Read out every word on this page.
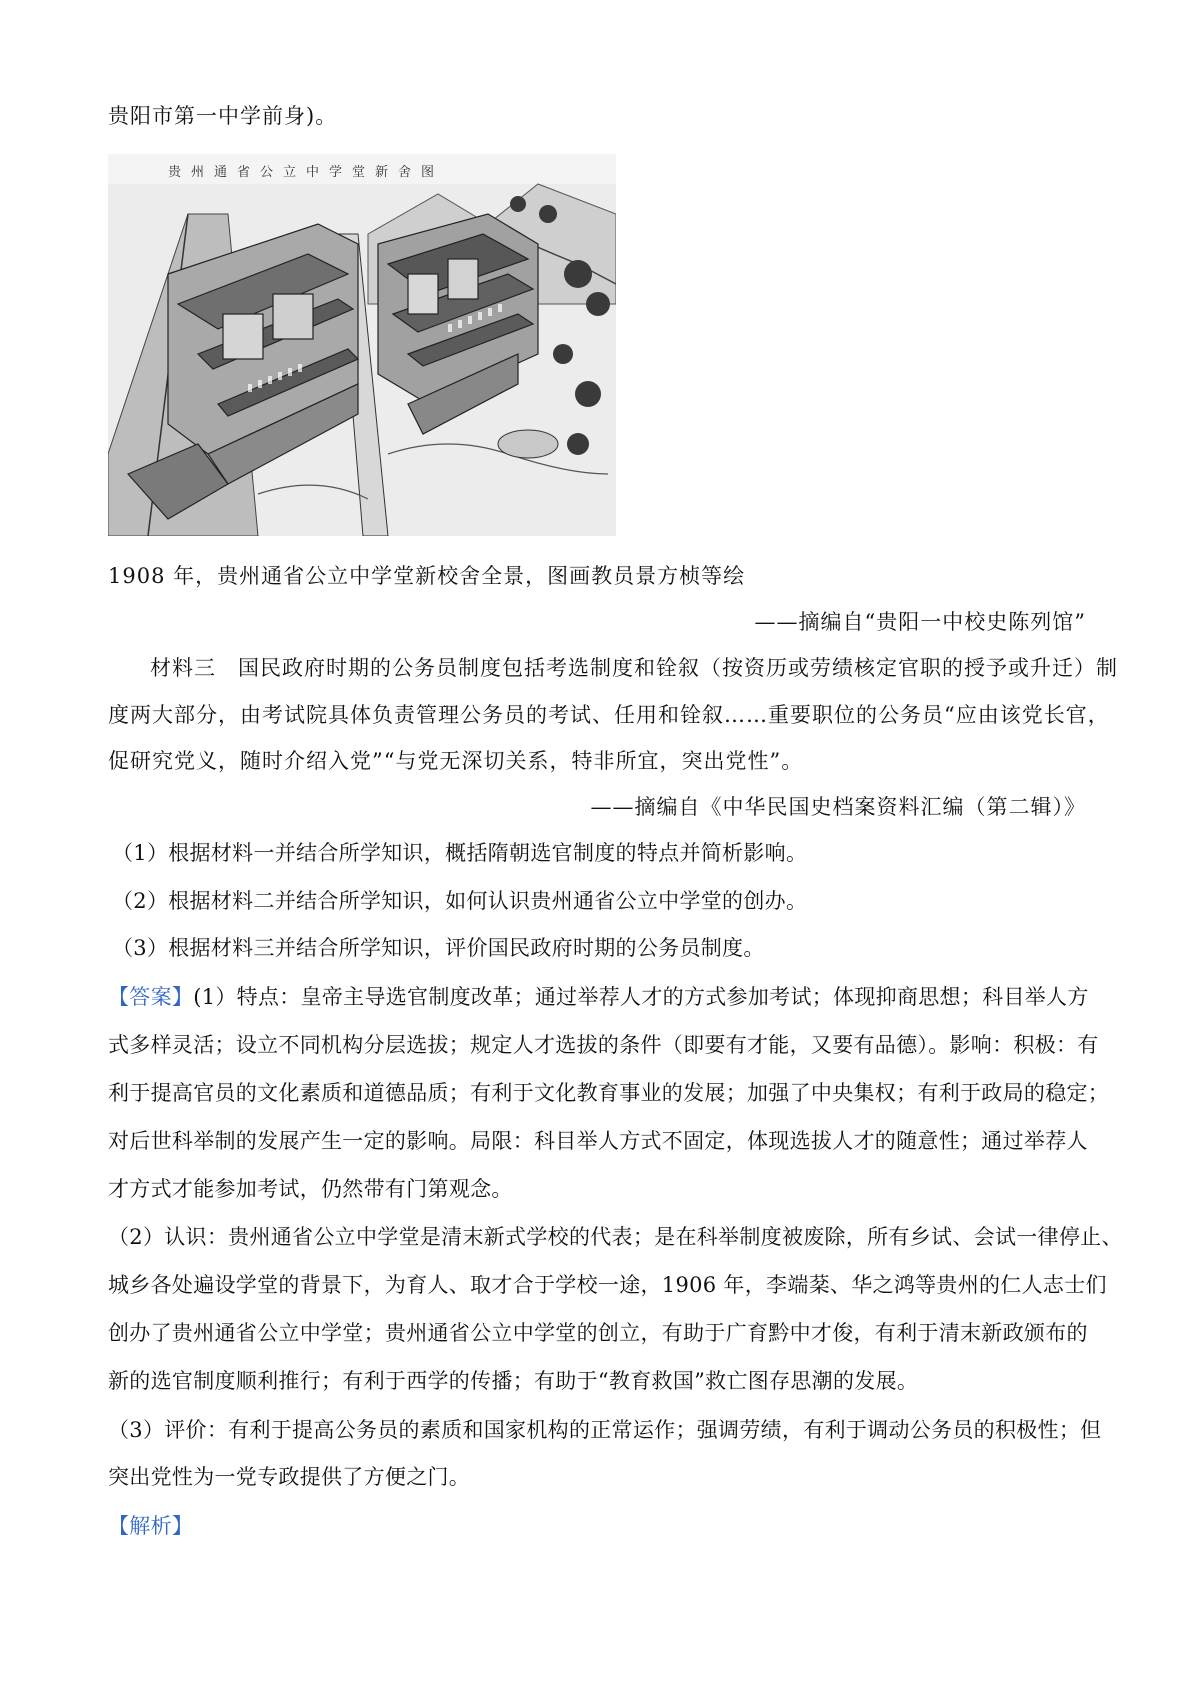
贵阳市第一中学前身)。
贵州通省公立中学堂新舍图
1908 年，贵州通省公立中学堂新校舍全景，图画教员景方桢等绘
——摘编自“贵阳一中校史陈列馆”
材料三　国民政府时期的公务员制度包括考选制度和铨叙（按资历或劳绩核定官职的授予或升迁）制
度两大部分，由考试院具体负责管理公务员的考试、任用和铨叙……重要职位的公务员“应由该党长官，
促研究党义，随时介绍入党”“与党无深切关系，特非所宜，突出党性”。
——摘编自《中华民国史档案资料汇编（第二辑）》
（1）根据材料一并结合所学知识，概括隋朝选官制度的特点并简析影响。
（2）根据材料二并结合所学知识，如何认识贵州通省公立中学堂的创办。
（3）根据材料三并结合所学知识，评价国民政府时期的公务员制度。
【答案】(1）特点：皇帝主导选官制度改革；通过举荐人才的方式参加考试；体现抑商思想；科目举人方
式多样灵活；设立不同机构分层选拔；规定人才选拔的条件（即要有才能，又要有品德）。影响：积极：有
利于提高官员的文化素质和道德品质；有利于文化教育事业的发展；加强了中央集权；有利于政局的稳定；
对后世科举制的发展产生一定的影响。局限：科目举人方式不固定，体现选拔人才的随意性；通过举荐人
才方式才能参加考试，仍然带有门第观念。
（2）认识：贵州通省公立中学堂是清末新式学校的代表；是在科举制度被废除，所有乡试、会试一律停止、
城乡各处遍设学堂的背景下，为育人、取才合于学校一途，1906 年，李端棻、华之鸿等贵州的仁人志士们
创办了贵州通省公立中学堂；贵州通省公立中学堂的创立，有助于广育黔中才俊，有利于清末新政颁布的
新的选官制度顺利推行；有利于西学的传播；有助于“教育救国”救亡图存思潮的发展。
（3）评价：有利于提高公务员的素质和国家机构的正常运作；强调劳绩，有利于调动公务员的积极性；但
突出党性为一党专政提供了方便之门。
【解析】
